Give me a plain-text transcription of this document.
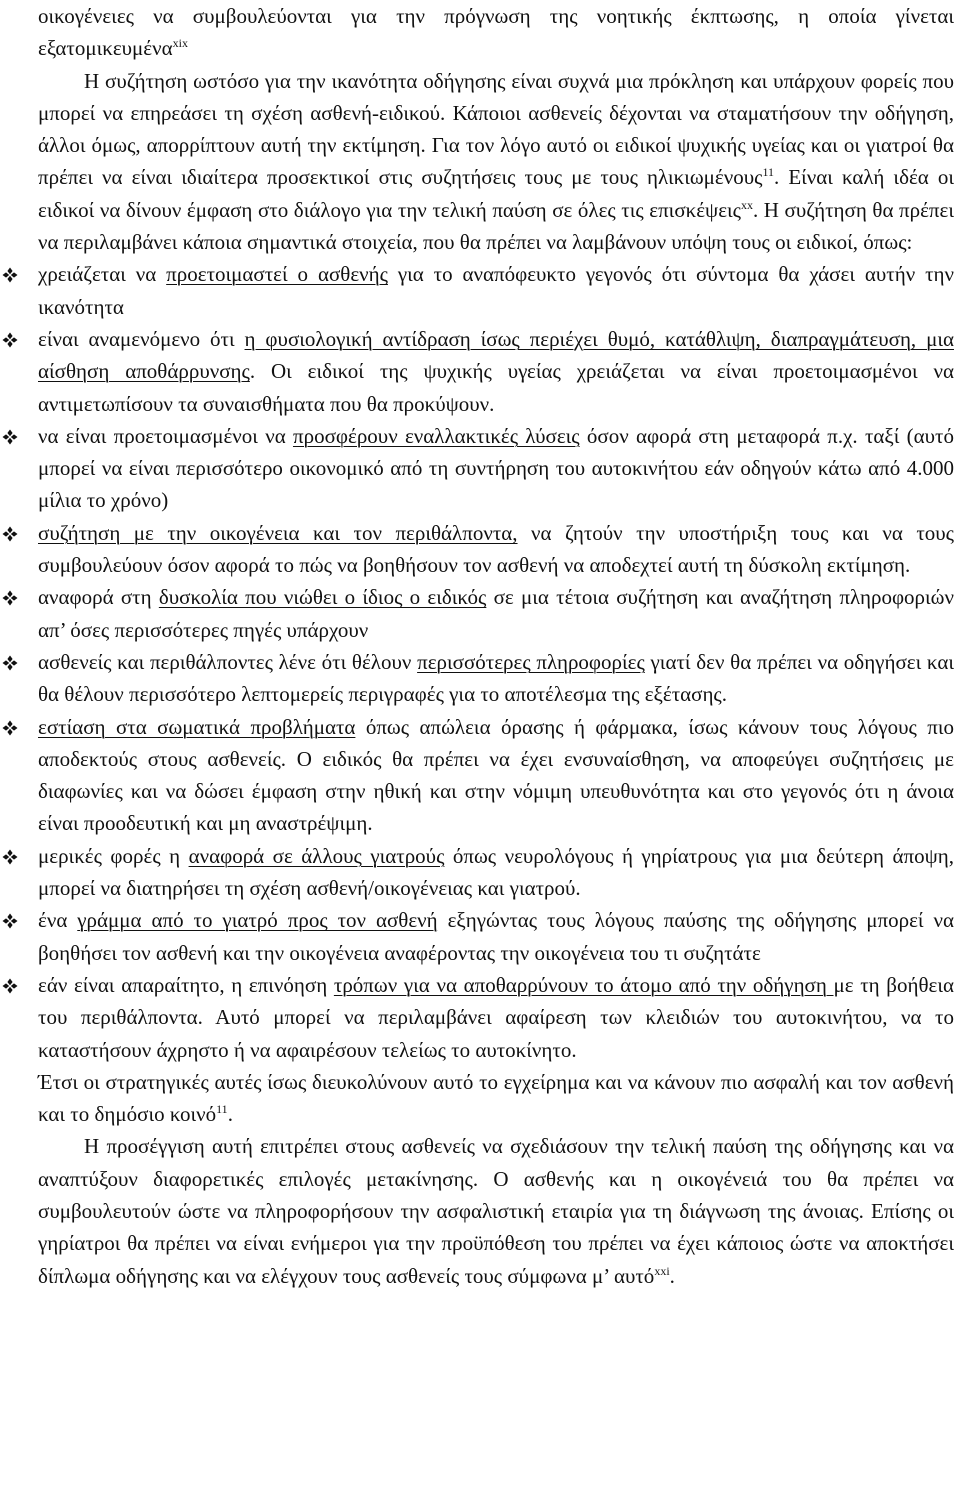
οικογένειες να συμβουλεύονται για την πρόγνωση της νοητικής έκπτωσης, η οποία γίνεται εξατομικευμένα$^{xix}$

Η συζήτηση ωστόσο για την ικανότητα οδήγησης είναι συχνά μια πρόκληση και υπάρχουν φορείς που μπορεί να επηρεάσει τη σχέση ασθενή-ειδικού. Κάποιοι ασθενείς δέχονται να σταματήσουν την οδήγηση, άλλοι όμως, απορρίπτουν αυτή την εκτίμηση. Για τον λόγο αυτό οι ειδικοί ψυχικής υγείας και οι γιατροί θα πρέπει να είναι ιδιαίτερα προσεκτικοί στις συζητήσεις τους με τους ηλικιωμένους$^{11}$. Είναι καλή ιδέα οι ειδικοί να δίνουν έμφαση στο διάλογο για την τελική παύση σε όλες τις επισκέψεις$^{xx}$. Η συζήτηση θα πρέπει να περιλαμβάνει κάποια σημαντικά στοιχεία, που θα πρέπει να λαμβάνουν υπόψη τους οι ειδικοί, όπως:

χρειάζεται να προετοιμαστεί ο ασθενής για το αναπόφευκτο γεγονός ότι σύντομα θα χάσει αυτήν την ικανότητα
είναι αναμενόμενο ότι η φυσιολογική αντίδραση ίσως περιέχει θυμό, κατάθλιψη, διαπραγμάτευση, μια αίσθηση αποθάρρυνσης. Οι ειδικοί της ψυχικής υγείας χρειάζεται να είναι προετοιμασμένοι να αντιμετωπίσουν τα συναισθήματα που θα προκύψουν.
να είναι προετοιμασμένοι να προσφέρουν εναλλακτικές λύσεις όσον αφορά στη μεταφορά π.χ. ταξί (αυτό μπορεί να είναι περισσότερο οικονομικό από τη συντήρηση του αυτοκινήτου εάν οδηγούν κάτω από 4.000 μίλια το χρόνο)
συζήτηση με την οικογένεια και τον περιθάλποντα, να ζητούν την υποστήριξη τους και να τους συμβουλεύουν όσον αφορά το πώς να βοηθήσουν τον ασθενή να αποδεχτεί αυτή τη δύσκολη εκτίμηση.
αναφορά στη δυσκολία που νιώθει ο ίδιος ο ειδικός σε μια τέτοια συζήτηση και αναζήτηση πληροφοριών απ’ όσες περισσότερες πηγές υπάρχουν
ασθενείς και περιθάλποντες λένε ότι θέλουν περισσότερες πληροφορίες γιατί δεν θα πρέπει να οδηγήσει και θα θέλουν περισσότερο λεπτομερείς περιγραφές για το αποτέλεσμα της εξέτασης.
εστίαση στα σωματικά προβλήματα όπως απώλεια όρασης ή φάρμακα, ίσως κάνουν τους λόγους πιο αποδεκτούς στους ασθενείς. Ο ειδικός θα πρέπει να έχει ενσυναίσθηση, να αποφεύγει συζητήσεις με διαφωνίες και να δώσει έμφαση στην ηθική και στην νόμιμη υπευθυνότητα και στο γεγονός ότι η άνοια είναι προοδευτική και μη αναστρέψιμη.
μερικές φορές η αναφορά σε άλλους γιατρούς όπως νευρολόγους ή γηρίατρους για μια δεύτερη άποψη, μπορεί να διατηρήσει τη σχέση ασθενή/οικογένειας και γιατρού.
ένα γράμμα από το γιατρό προς τον ασθενή εξηγώντας τους λόγους παύσης της οδήγησης μπορεί να βοηθήσει τον ασθενή και την οικογένεια αναφέροντας την οικογένεια του τι συζητάτε
εάν είναι απαραίτητο, η επινόηση τρόπων για να αποθαρρύνουν το άτομο από την οδήγηση με τη βοήθεια του περιθάλποντα. Αυτό μπορεί να περιλαμβάνει αφαίρεση των κλειδιών του αυτοκινήτου, να το καταστήσουν άχρηστο ή να αφαιρέσουν τελείως το αυτοκίνητο.

Έτσι οι στρατηγικές αυτές ίσως διευκολύνουν αυτό το εγχείρημα και να κάνουν πιο ασφαλή και τον ασθενή και το δημόσιο κοινό$^{11}$.

Η προσέγγιση αυτή επιτρέπει στους ασθενείς να σχεδιάσουν την τελική παύση της οδήγησης και να αναπτύξουν διαφορετικές επιλογές μετακίνησης. Ο ασθενής και η οικογένειά του θα πρέπει να συμβουλευτούν ώστε να πληροφορήσουν την ασφαλιστική εταιρία για τη διάγνωση της άνοιας. Επίσης οι γηρίατροι θα πρέπει να είναι ενήμεροι για την πρoϋπόθεση του πρέπει να έχει κάποιος ώστε να αποκτήσει δίπλωμα οδήγησης και να ελέγχουν τους ασθενείς τους σύμφωνα μ’ αυτό$^{xxi}$.
